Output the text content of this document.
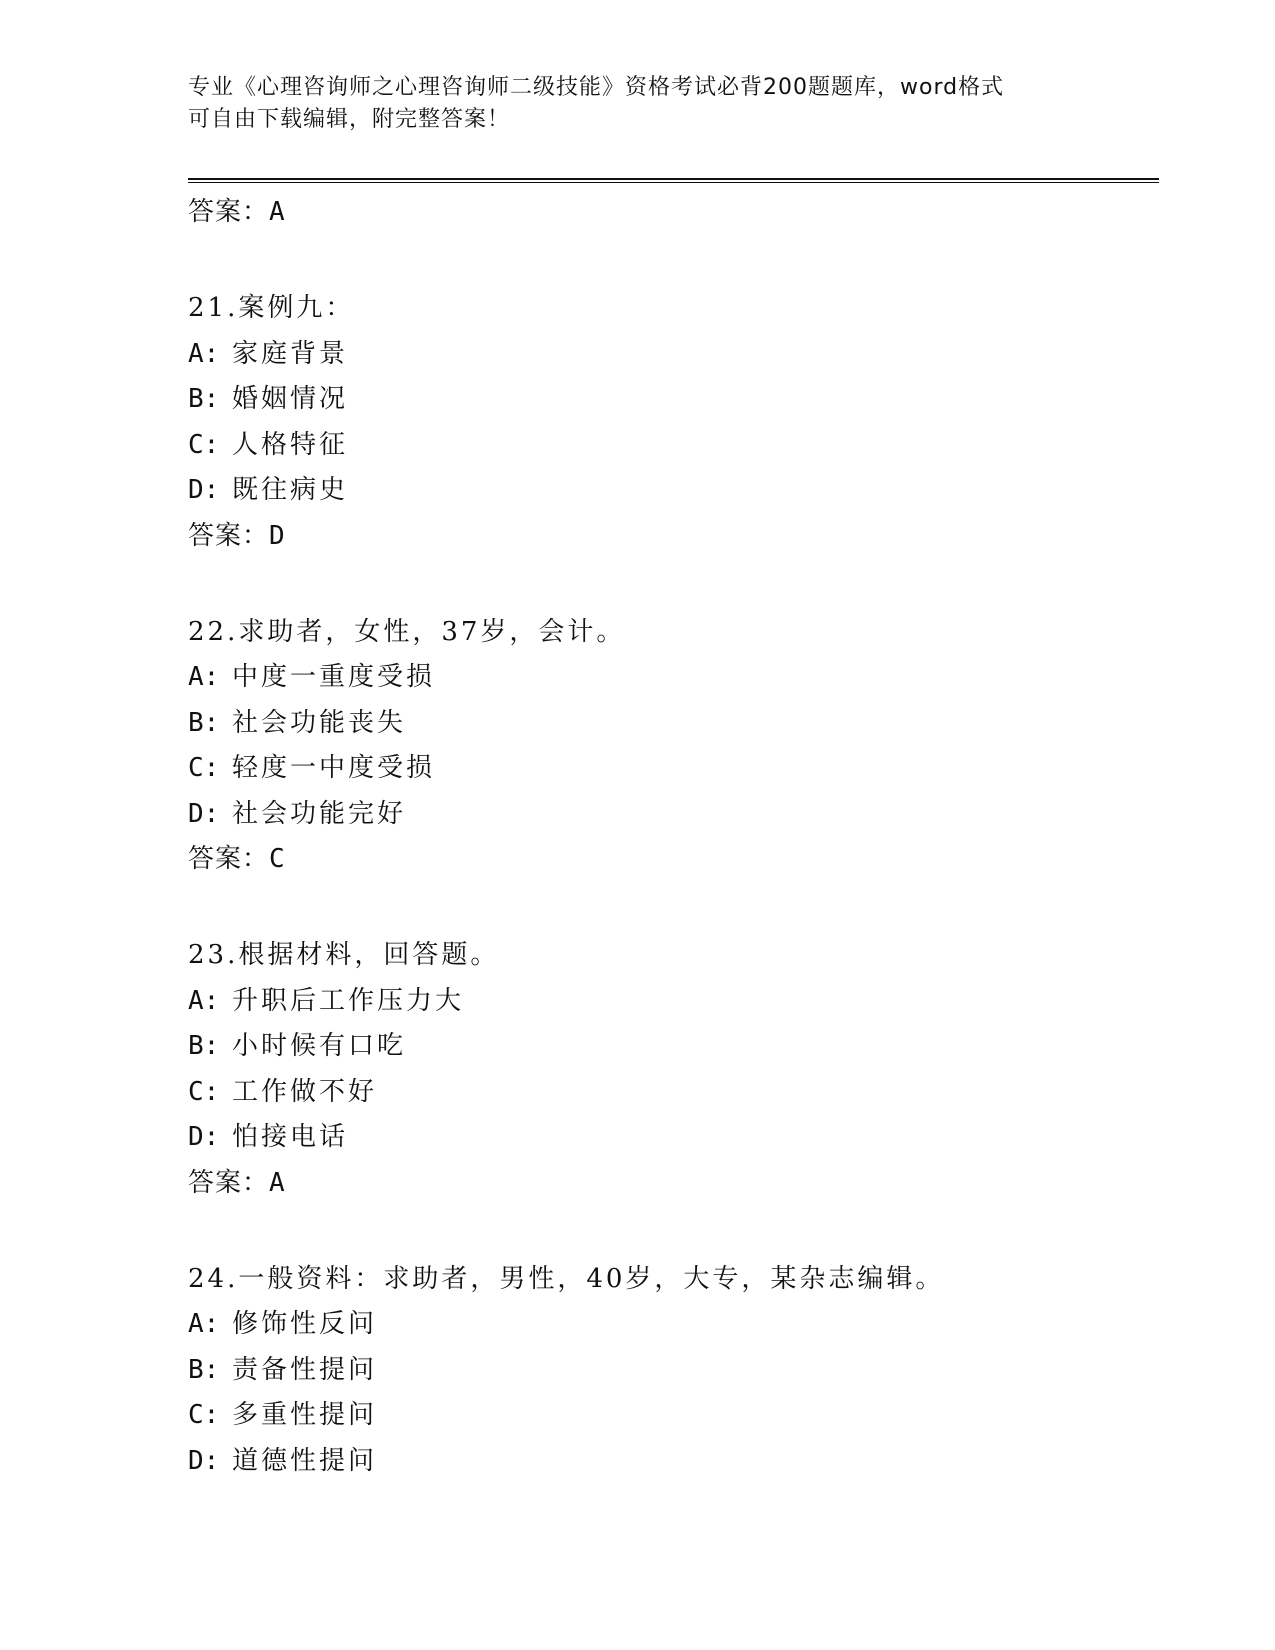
专业《心理咨询师之心理咨询师二级技能》资格考试必背200题题库，word格式
可自由下载编辑，附完整答案！
答案：A
21.案例九：
A: 家庭背景
B: 婚姻情况
C: 人格特征
D: 既往病史
答案：D
22.求助者，女性，37岁，会计。
A: 中度一重度受损
B: 社会功能丧失
C: 轻度一中度受损
D: 社会功能完好
答案：C
23.根据材料，回答题。
A: 升职后工作压力大
B: 小时候有口吃
C: 工作做不好
D: 怕接电话
答案：A
24.一般资料：求助者，男性，40岁，大专，某杂志编辑。
A: 修饰性反问
B: 责备性提问
C: 多重性提问
D: 道德性提问
